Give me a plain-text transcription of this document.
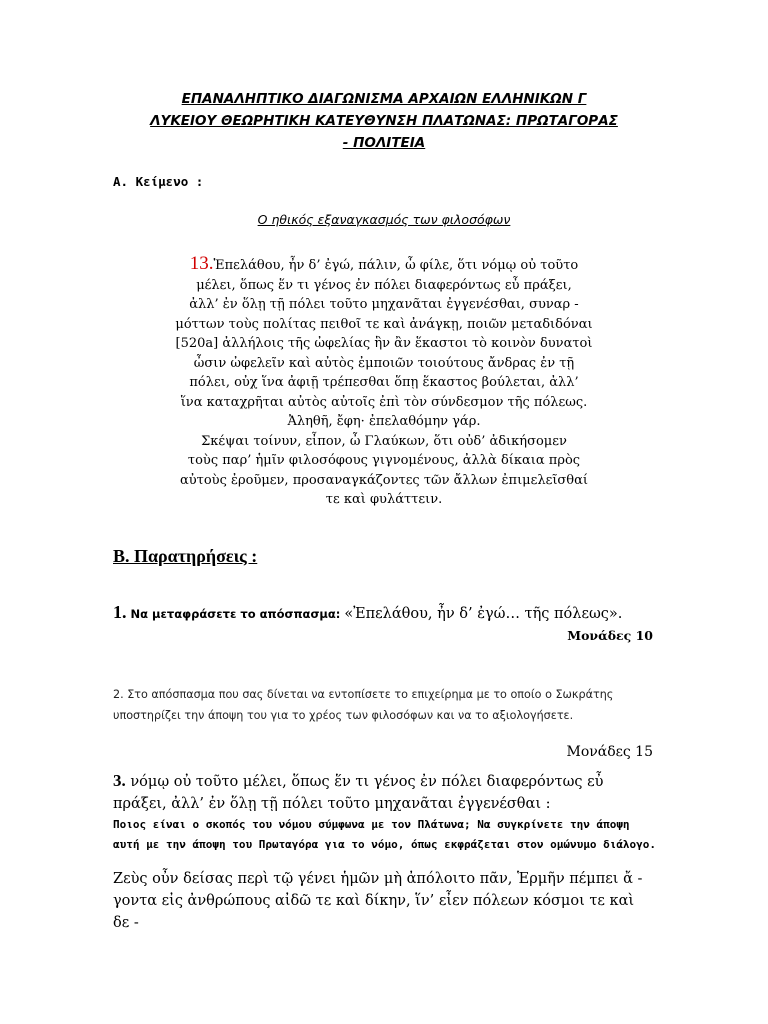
ΕΠΑΝΑΛΗΠΤΙΚΟ ΔΙΑΓΩΝΙΣΜΑ ΑΡΧΑΙΩΝ ΕΛΛΗΝΙΚΩΝ Γ
ΛΥΚΕΙΟΥ ΘΕΩΡΗΤΙΚΗ ΚΑΤΕΥΘΥΝΣΗ ΠΛΑΤΩΝΑΣ: ΠΡΩΤΑΓΟΡΑΣ
- ΠΟΛΙΤΕΙΑ
Α. Κείμενο :
Ο ηθικός εξαναγκασμός των φιλοσόφων
13.Ἐπελάθου, ἦν δ’ ἐγώ, πάλιν, ὦ φίλε, ὅτι νόμῳ οὐ τοῦτο
μέλει, ὅπως ἕν τι γένος ἐν πόλει διαφερόντως εὖ πράξει,
ἀλλ’ ἐν ὅλῃ τῇ πόλει τοῦτο μηχανᾶται ἐγγενέσθαι, συναρ -
μόττων τοὺς πολίτας πειθοῖ τε καὶ ἀνάγκῃ, ποιῶν μεταδιδόναι
[520a] ἀλλήλοις τῆς ὠφελίας ἣν ἂν ἕκαστοι τὸ κοινὸν δυνατοὶ
ὦσιν ὠφελεῖν καὶ αὐτὸς ἐμποιῶν τοιούτους ἄνδρας ἐν τῇ
πόλει, οὐχ ἵνα ἀφιῇ τρέπεσθαι ὅπῃ ἕκαστος βούλεται, ἀλλ’
ἵνα καταχρῆται αὐτὸς αὐτοῖς ἐπὶ τὸν σύνδεσμον τῆς πόλεως.
Ἀληθῆ, ἔφη· ἐπελαθόμην γάρ.
Σκέψαι τοίνυν, εἶπον, ὦ Γλαύκων, ὅτι οὐδ’ ἀδικήσομεν
τοὺς παρ’ ἡμῖν φιλοσόφους γιγνομένους, ἀλλὰ δίκαια πρὸς
αὐτοὺς ἐροῦμεν, προσαναγκάζοντες τῶν ἄλλων ἐπιμελεῖσθαί
τε καὶ φυλάττειν.
Β. Παρατηρήσεις :
1. Να μεταφράσετε το απόσπασμα: «Ἐπελάθου, ἦν δ’ ἐγώ… τῆς πόλεως».
Μονάδες 10
2. Στο απόσπασμα που σας δίνεται να εντοπίσετε το επιχείρημα με το οποίο ο Σωκράτης υποστηρίζει την άποψη του για το χρέος των φιλοσόφων και να το αξιολογήσετε.
Μονάδες 15
3. νόμῳ οὐ τοῦτο μέλει, ὅπως ἕν τι γένος ἐν πόλει διαφερόντως εὖ
πράξει, ἀλλ’ ἐν ὅλῃ τῇ πόλει τοῦτο μηχανᾶται ἐγγενέσθαι :
Ποιος είναι ο σκοπός του νόμου σύμφωνα με τον Πλάτωνα; Να συγκρίνετε την άποψη αυτή με την άποψη του Πρωταγόρα για το νόμο, όπως εκφράζεται στον ομώνυμο διάλογο.
Ζεὺς οὖν δείσας περὶ τῷ γένει ἡμῶν μὴ ἀπόλοιτο πᾶν, Ἑρμῆν πέμπει ἄ -
γοντα εἰς ἀνθρώπους αἰδῶ τε καὶ δίκην, ἵν’ εἶεν πόλεων κόσμοι τε καὶ
δε -
